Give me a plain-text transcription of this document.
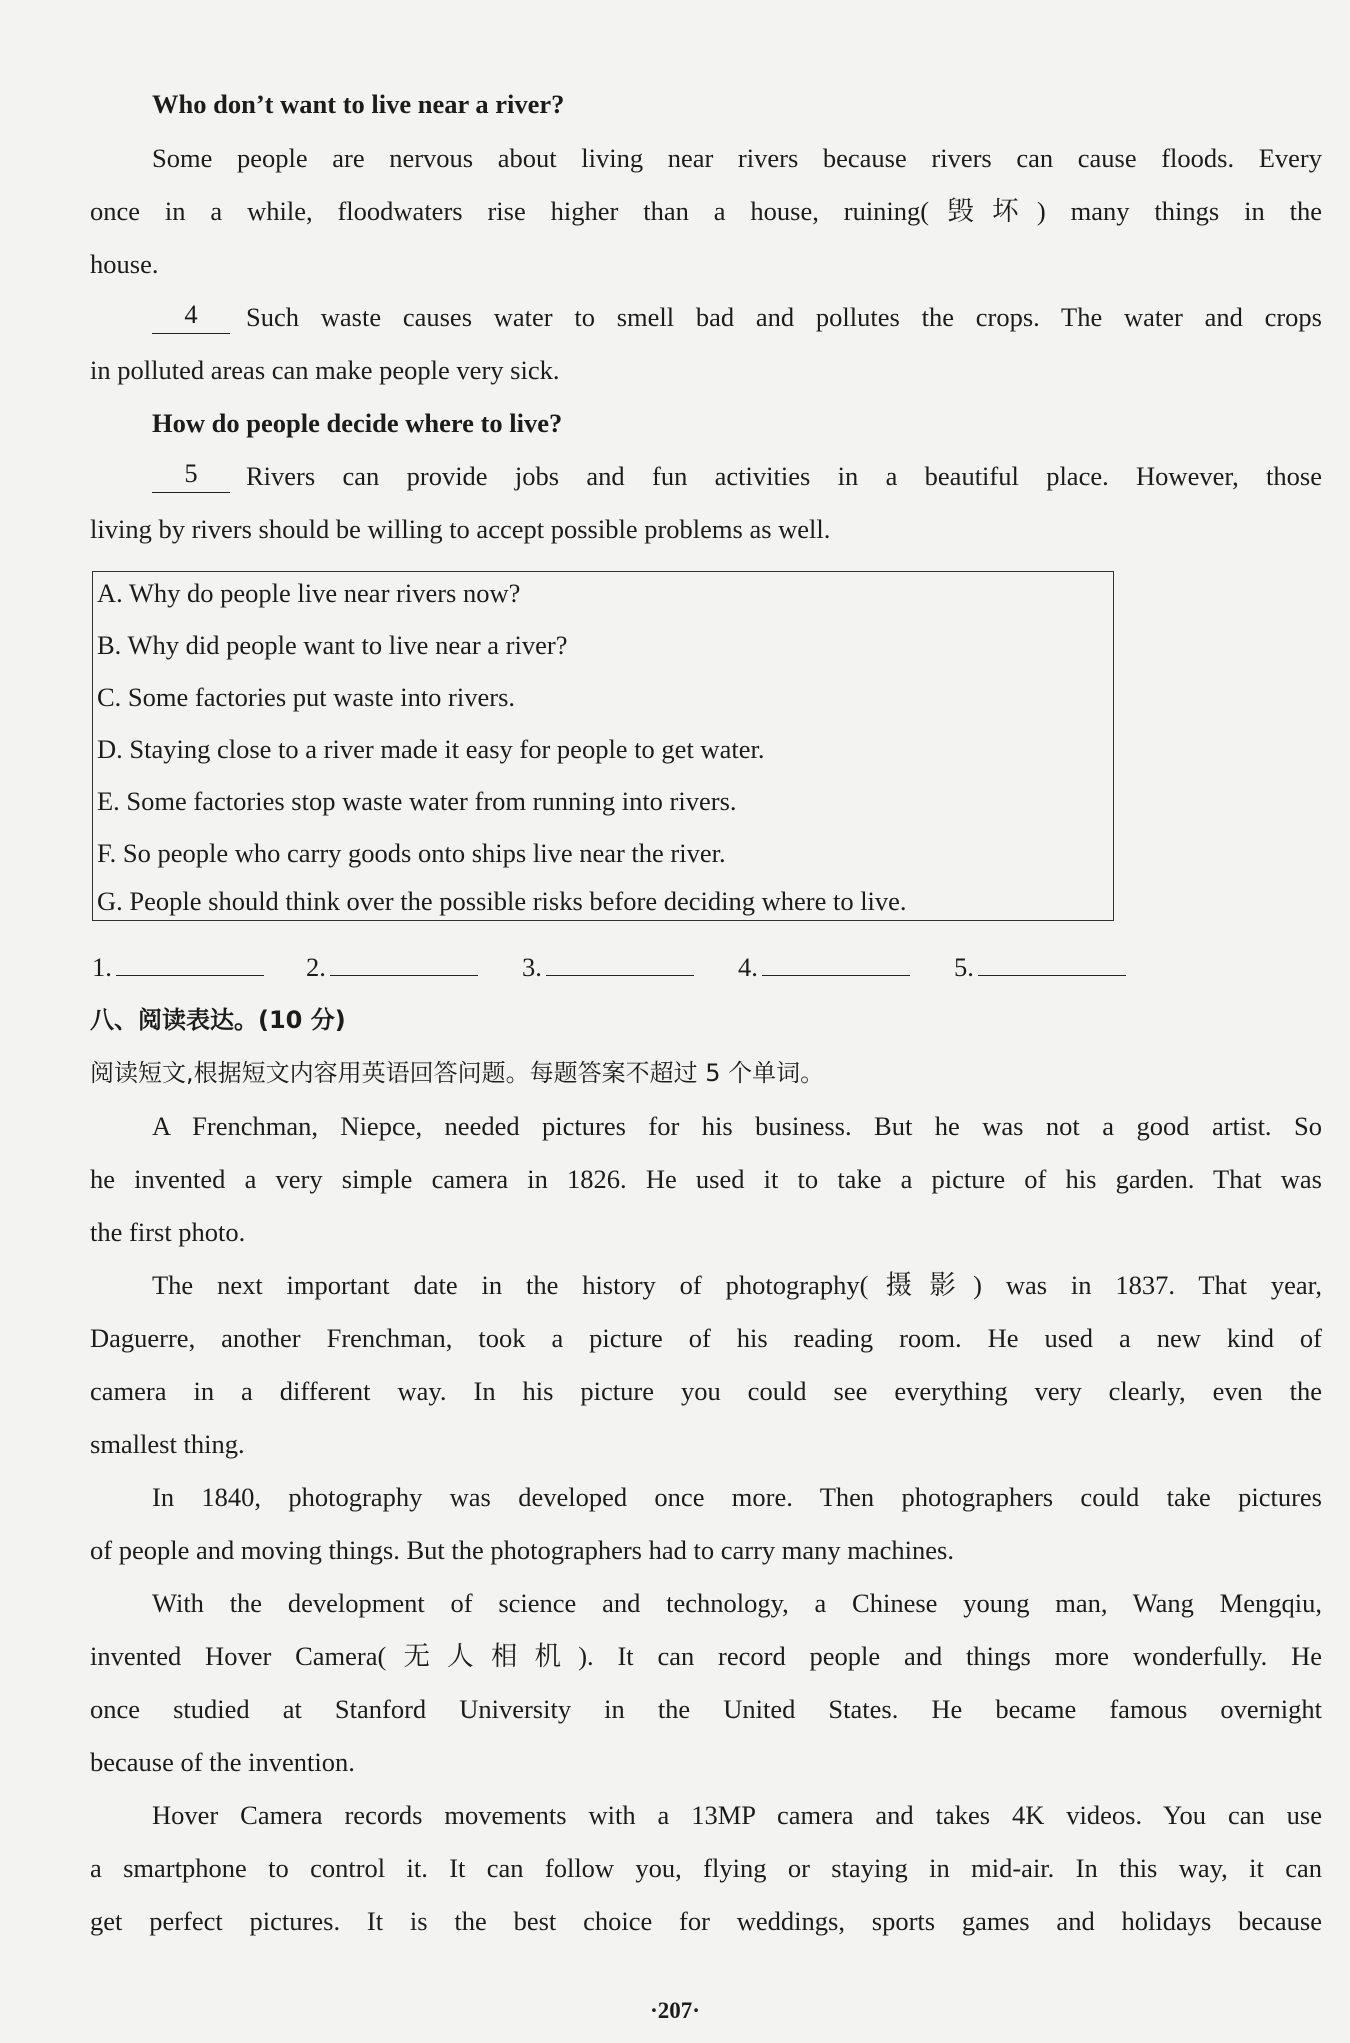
Who don’t want to live near a river?
Some people are nervous about living near rivers because rivers can cause floods. Every
once in a while, floodwaters rise higher than a house, ruining(毁坏) many things in the
house.
4	Such waste causes water to smell bad and pollutes the crops. The water and crops
in polluted areas can make people very sick.
How do people decide where to live?
5	Rivers can provide jobs and fun activities in a beautiful place. However, those
living by rivers should be willing to accept possible problems as well.
A. Why do people live near rivers now?
B. Why did people want to live near a river?
C. Some factories put waste into rivers.
D. Staying close to a river made it easy for people to get water.
E. Some factories stop waste water from running into rivers.
F. So people who carry goods onto ships live near the river.
G. People should think over the possible risks before deciding where to live.
1.	2.	3.	4.	5.
八、阅读表达。(10 分)
阅读短文,根据短文内容用英语回答问题。每题答案不超过 5 个单词。
A Frenchman, Niepce, needed pictures for his business. But he was not a good artist. So
he invented a very simple camera in 1826. He used it to take a picture of his garden. That was
the first photo.
The next important date in the history of photography(摄影) was in 1837. That year,
Daguerre, another Frenchman, took a picture of his reading room. He used a new kind of
camera in a different way. In his picture you could see everything very clearly, even the
smallest thing.
In 1840, photography was developed once more. Then photographers could take pictures
of people and moving things. But the photographers had to carry many machines.
With the development of science and technology, a Chinese young man, Wang Mengqiu,
invented Hover Camera(无人相机). It can record people and things more wonderfully. He
once studied at Stanford University in the United States. He became famous overnight
because of the invention.
Hover Camera records movements with a 13MP camera and takes 4K videos. You can use
a smartphone to control it. It can follow you, flying or staying in mid-air. In this way, it can
get perfect pictures. It is the best choice for weddings, sports games and holidays because
·207·
